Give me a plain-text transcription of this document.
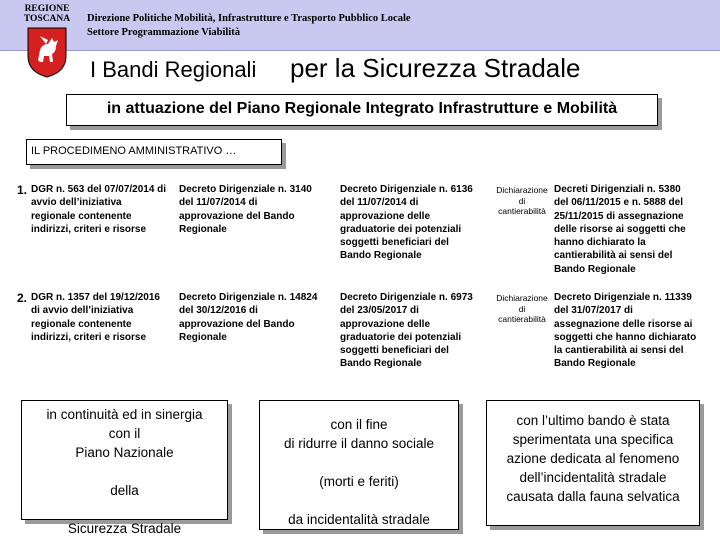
REGIONE
TOSCANA Direzione Politiche Mobilità, Infrastrutture e Trasporto Pubblico Locale
Settore Programmazione Viabilità
I Bandi Regionali per la Sicurezza Stradale
in attuazione del Piano Regionale Integrato Infrastrutture e Mobilità
IL PROCEDIMENO AMMINISTRATIVO …
1. DGR n. 563 del 07/07/2014 di
avvio dell’iniziativa
regionale contenente
indirizzi, criteri e risorse
Decreto Dirigenziale n. 3140
del 11/07/2014 di
approvazione del Bando
Regionale
Decreto Dirigenziale n. 6136
del 11/07/2014 di
approvazione delle
graduatorie dei potenziali
soggetti beneficiari del
Bando Regionale
Dichiarazione
di
cantierabilità
Decreti Dirigenziali n. 5380
del 06/11/2015 e n. 5888 del
25/11/2015 di assegnazione
delle risorse ai soggetti che
hanno dichiarato la
cantierabilità ai sensi del
Bando Regionale
2. DGR n. 1357 del 19/12/2016
di avvio dell’iniziativa
regionale contenente
indirizzi, criteri e risorse
Decreto Dirigenziale n. 14824
del 30/12/2016 di
approvazione del Bando
Regionale
Decreto Dirigenziale n. 6973
del 23/05/2017 di
approvazione delle
graduatorie dei potenziali
soggetti beneficiari del
Bando Regionale
Dichiarazione
di
cantierabilità
Decreto Dirigenziale n. 11339
del 31/07/2017 di
assegnazione delle risorse ai
soggetti che hanno dichiarato
la cantierabilità ai sensi del
Bando Regionale
in continuità ed in sinergia
con il
Piano Nazionale

della

Sicurezza Stradale
con il fine
di ridurre il danno sociale

(morti e feriti)

da incidentalità stradale
con l’ultimo bando è stata
sperimentata una specifica
azione dedicata al fenomeno
dell’incidentalità stradale
causata dalla fauna selvatica
